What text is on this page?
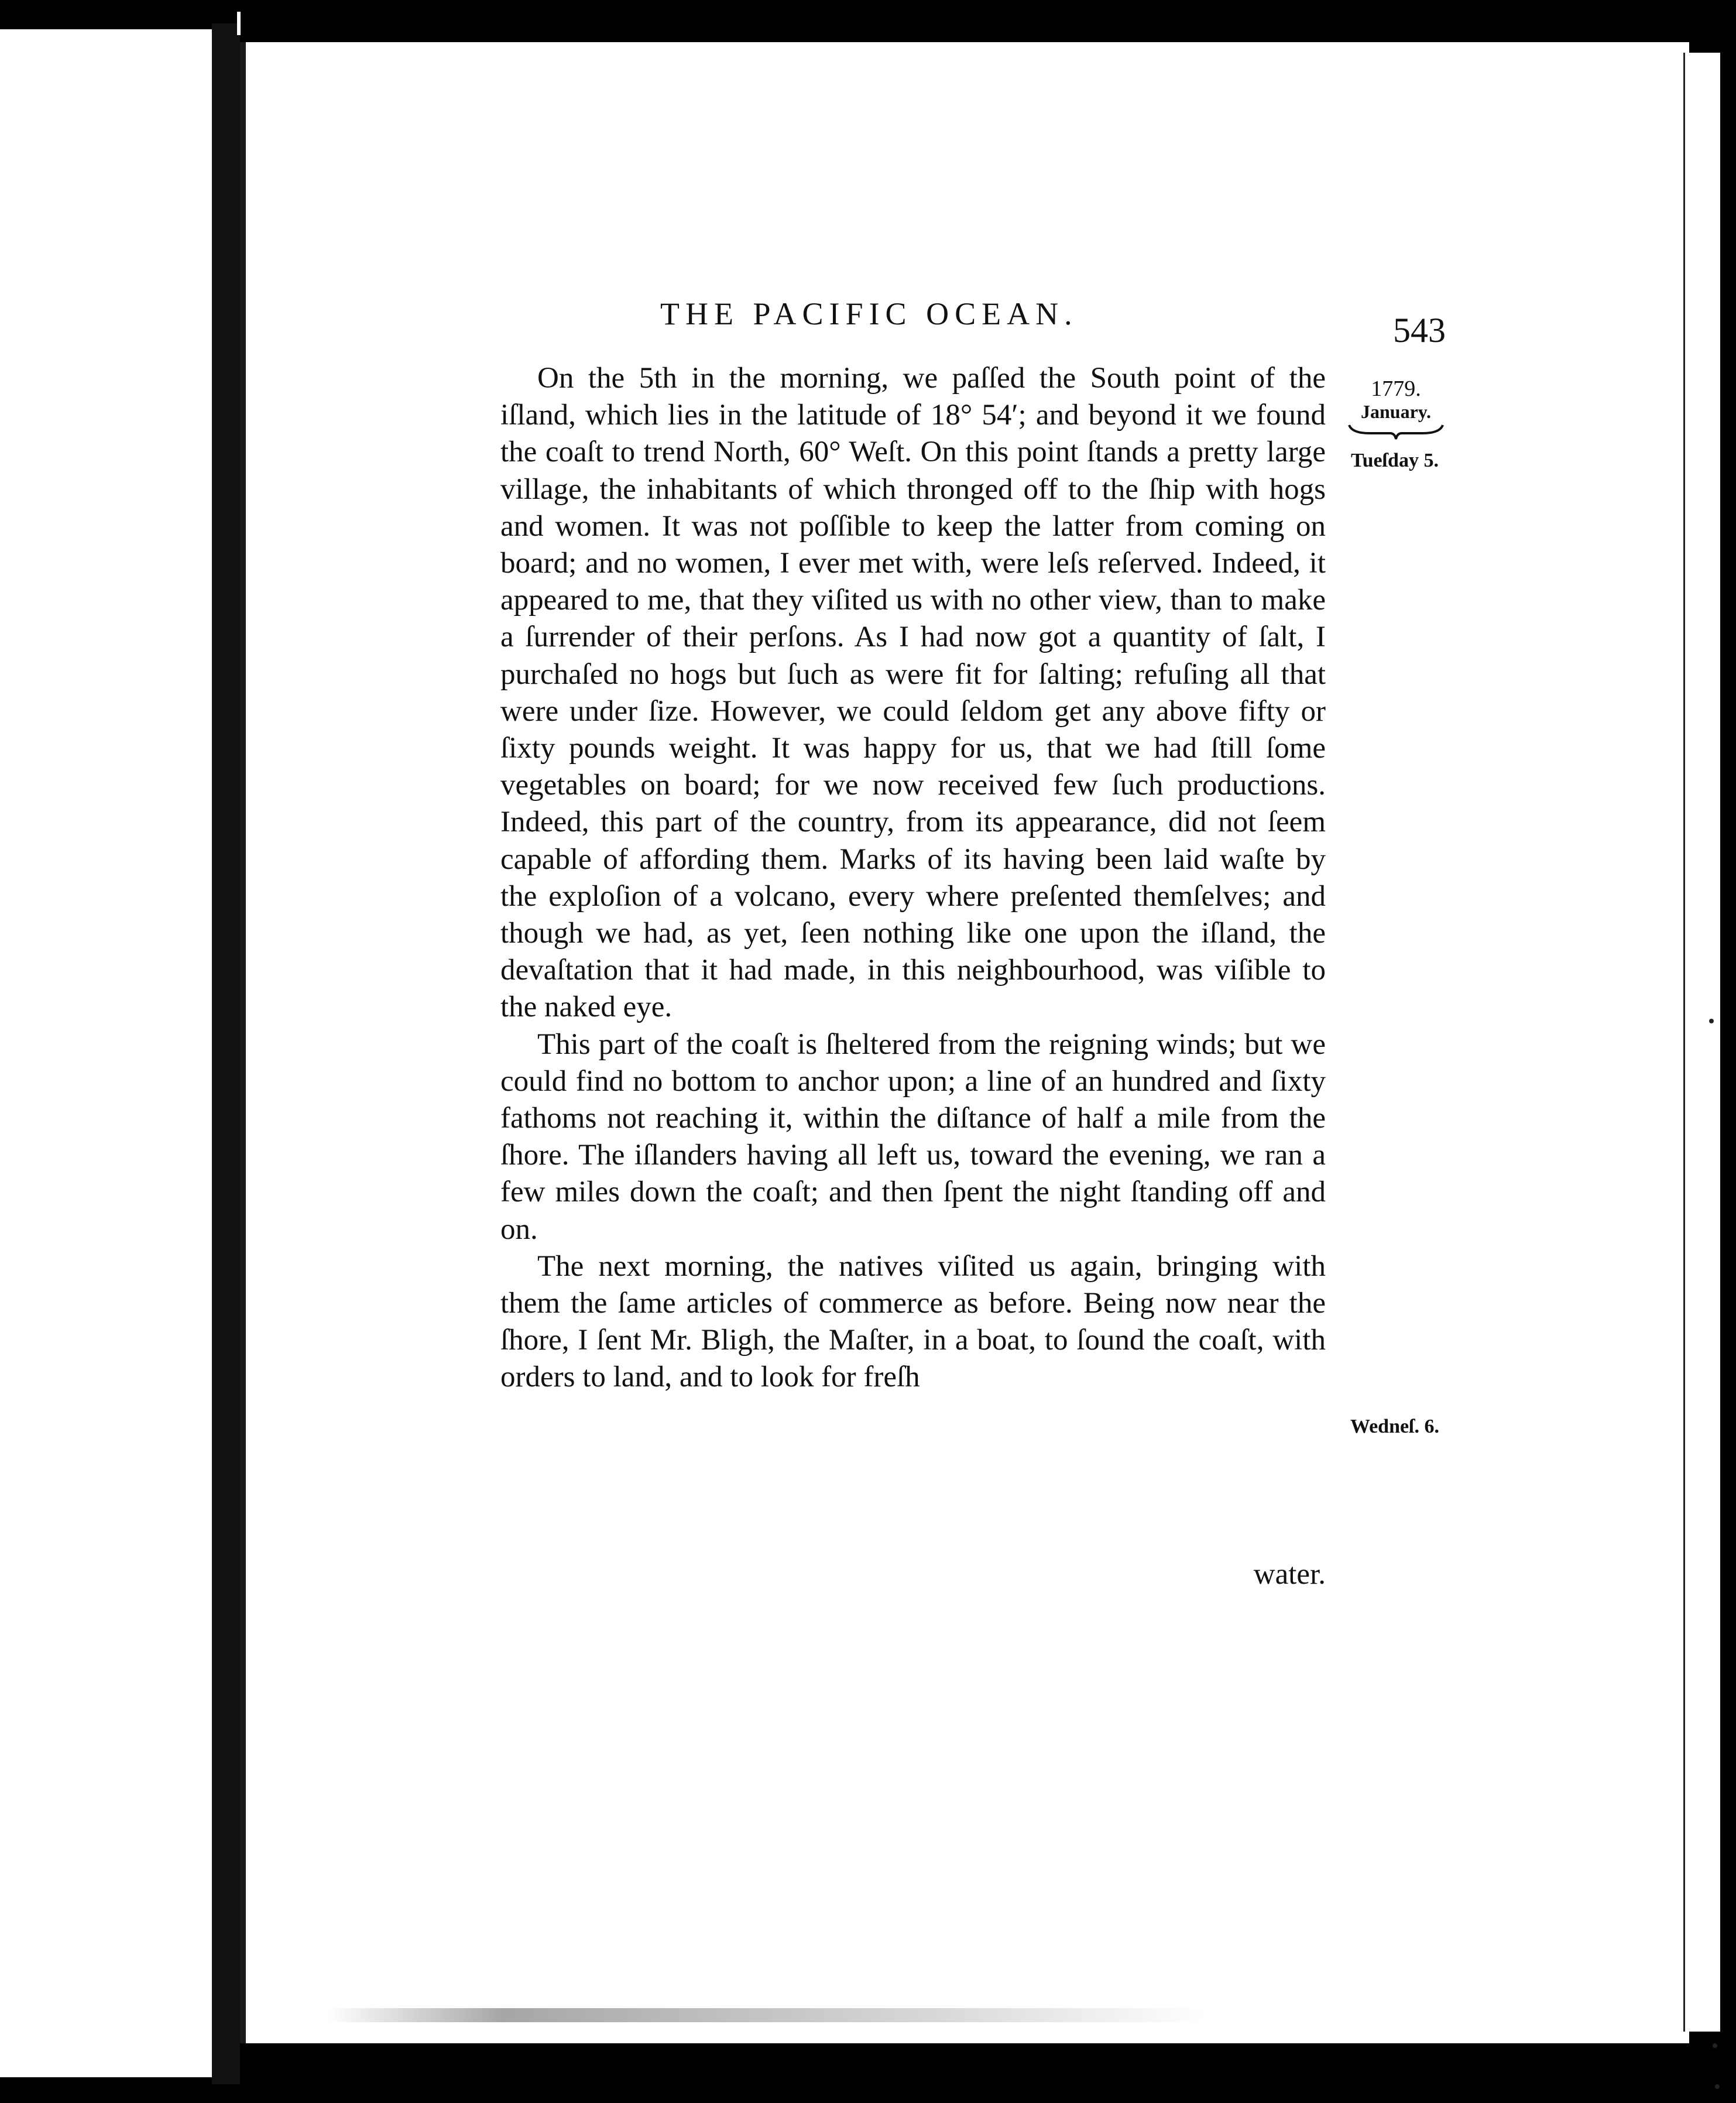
THE PACIFIC OCEAN.	543
1779.
January.
Tueſday 5.
Wedneſ. 6.

On the 5th in the morning, we paſſed the South point of the iſland, which lies in the latitude of 18° 54′; and beyond it we found the coaſt to trend North, 60° Weſt. On this point ſtands a pretty large village, the inhabitants of which thronged off to the ſhip with hogs and women. It was not poſſible to keep the latter from coming on board; and no women, I ever met with, were leſs reſerved. Indeed, it appeared to me, that they viſited us with no other view, than to make a ſurrender of their perſons. As I had now got a quantity of ſalt, I purchaſed no hogs but ſuch as were fit for ſalting; refuſing all that were under ſize. However, we could ſeldom get any above fifty or ſixty pounds weight. It was happy for us, that we had ſtill ſome vegetables on board; for we now received few ſuch productions. Indeed, this part of the country, from its appearance, did not ſeem capable of affording them. Marks of its having been laid waſte by the exploſion of a volcano, every where preſented themſelves; and though we had, as yet, ſeen nothing like one upon the iſland, the devaſtation that it had made, in this neighbourhood, was viſible to the naked eye.

This part of the coaſt is ſheltered from the reigning winds; but we could find no bottom to anchor upon; a line of an hundred and ſixty fathoms not reaching it, within the diſtance of half a mile from the ſhore. The iſlanders having all left us, toward the evening, we ran a few miles down the coaſt; and then ſpent the night ſtanding off and on.

The next morning, the natives viſited us again, bringing with them the ſame articles of commerce as before. Being now near the ſhore, I ſent Mr. Bligh, the Maſter, in a boat, to ſound the coaſt, with orders to land, and to look for freſh

water.
